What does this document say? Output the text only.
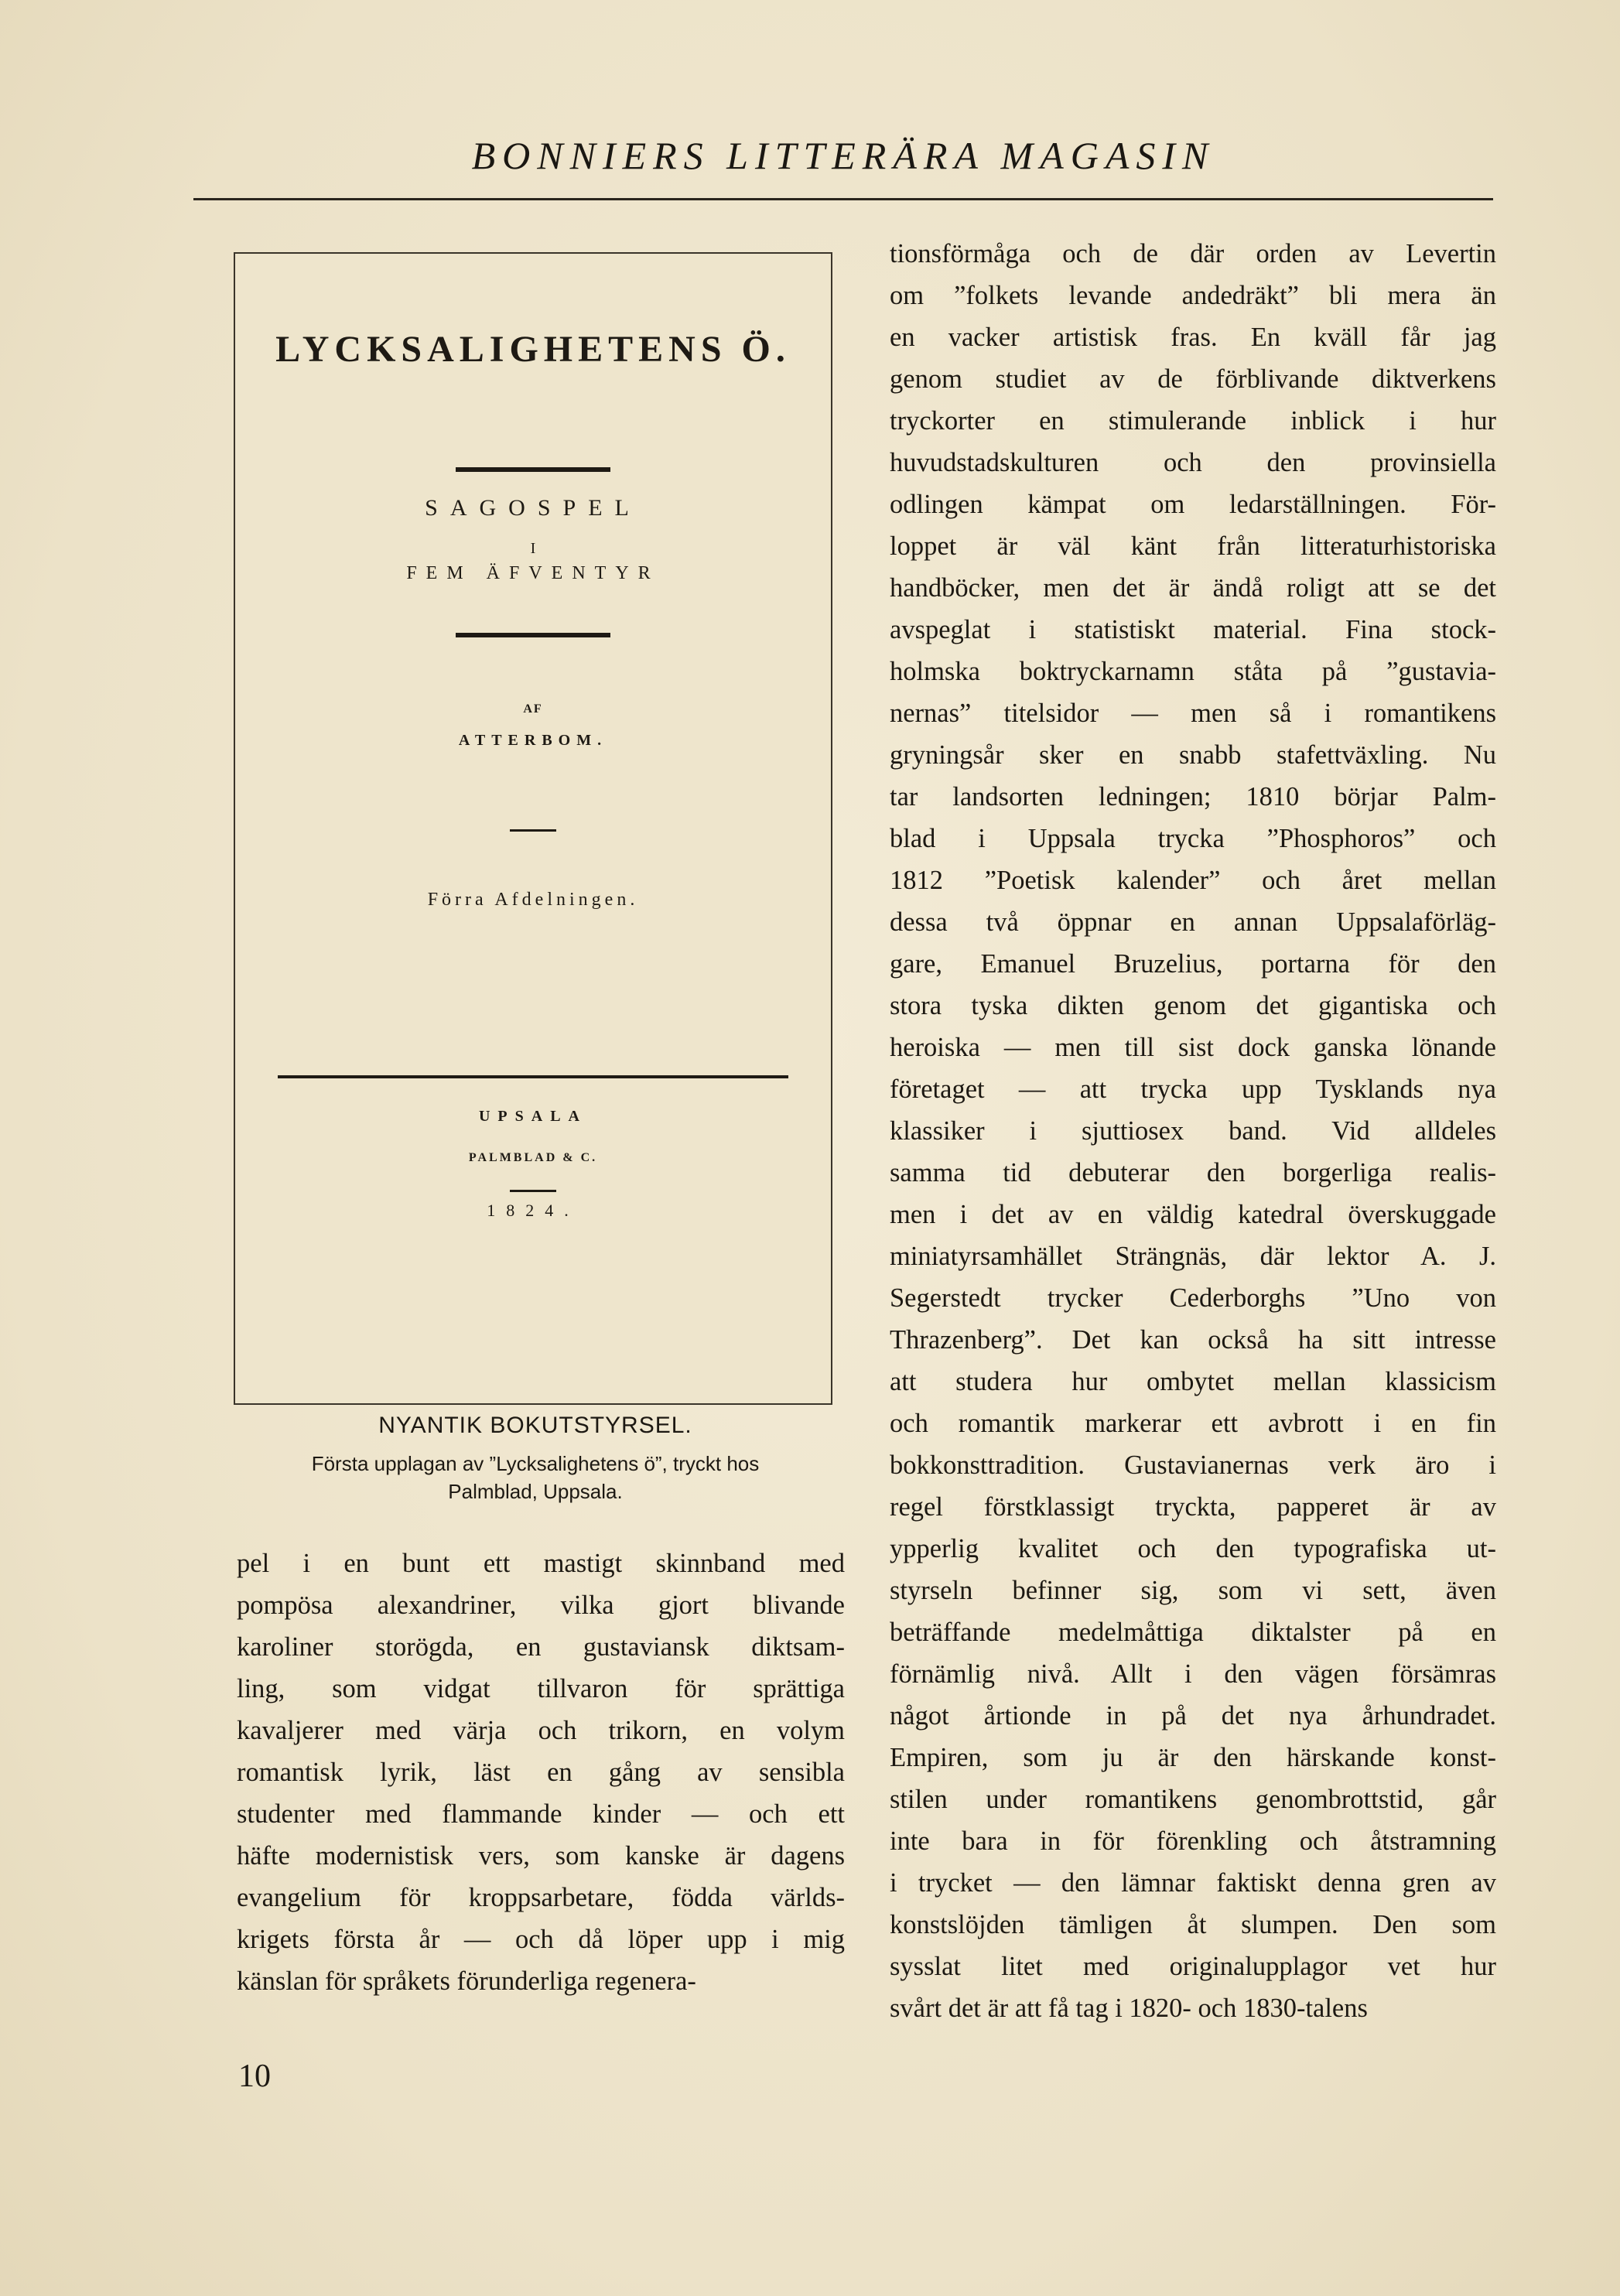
BONNIERS LITTERÄRA MAGASIN
LYCKSALIGHETENS Ö.
SAGOSPEL
I
FEM ÄFVENTYR
AF
ATTERBOM.
Förra Afdelningen.
UPSALA
PALMBLAD & C.
1824.
NYANTIK BOKUTSTYRSEL.
Första upplagan av ”Lycksalighetens ö”, tryckt hos
Palmblad, Uppsala.
pel i en bunt ett mastigt skinnband med
pompösa alexandriner, vilka gjort blivande
karoliner storögda, en gustaviansk diktsam-
ling, som vidgat tillvaron för sprättiga
kavaljerer med värja och trikorn, en volym
romantisk lyrik, läst en gång av sensibla
studenter med flammande kinder — och ett
häfte modernistisk vers, som kanske är dagens
evangelium för kroppsarbetare, födda världs-
krigets första år — och då löper upp i mig
känslan för språkets förunderliga regenera-
tionsförmåga och de där orden av Levertin
om ”folkets levande andedräkt” bli mera än
en vacker artistisk fras. En kväll får jag
genom studiet av de förblivande diktverkens
tryckorter en stimulerande inblick i hur
huvudstadskulturen och den provinsiella
odlingen kämpat om ledarställningen. För-
loppet är väl känt från litteraturhistoriska
handböcker, men det är ändå roligt att se det
avspeglat i statistiskt material. Fina stock-
holmska boktryckarnamn ståta på ”gustavia-
nernas” titelsidor — men så i romantikens
gryningsår sker en snabb stafettväxling. Nu
tar landsorten ledningen; 1810 börjar Palm-
blad i Uppsala trycka ”Phosphoros” och
1812 ”Poetisk kalender” och året mellan
dessa två öppnar en annan Uppsalaförläg-
gare, Emanuel Bruzelius, portarna för den
stora tyska dikten genom det gigantiska och
heroiska — men till sist dock ganska lönande
företaget — att trycka upp Tysklands nya
klassiker i sjuttiosex band. Vid alldeles
samma tid debuterar den borgerliga realis-
men i det av en väldig katedral överskuggade
miniatyrsamhället Strängnäs, där lektor A. J.
Segerstedt trycker Cederborghs ”Uno von
Thrazenberg”. Det kan också ha sitt intresse
att studera hur ombytet mellan klassicism
och romantik markerar ett avbrott i en fin
bokkonsttradition. Gustavianernas verk äro i
regel förstklassigt tryckta, papperet är av
ypperlig kvalitet och den typografiska ut-
styrseln befinner sig, som vi sett, även
beträffande medelmåttiga diktalster på en
förnämlig nivå. Allt i den vägen försämras
något årtionde in på det nya århundradet.
Empiren, som ju är den härskande konst-
stilen under romantikens genombrottstid, går
inte bara in för förenkling och åtstramning
i trycket — den lämnar faktiskt denna gren av
konstslöjden tämligen åt slumpen. Den som
sysslat litet med originalupplagor vet hur
svårt det är att få tag i 1820- och 1830-talens
10
